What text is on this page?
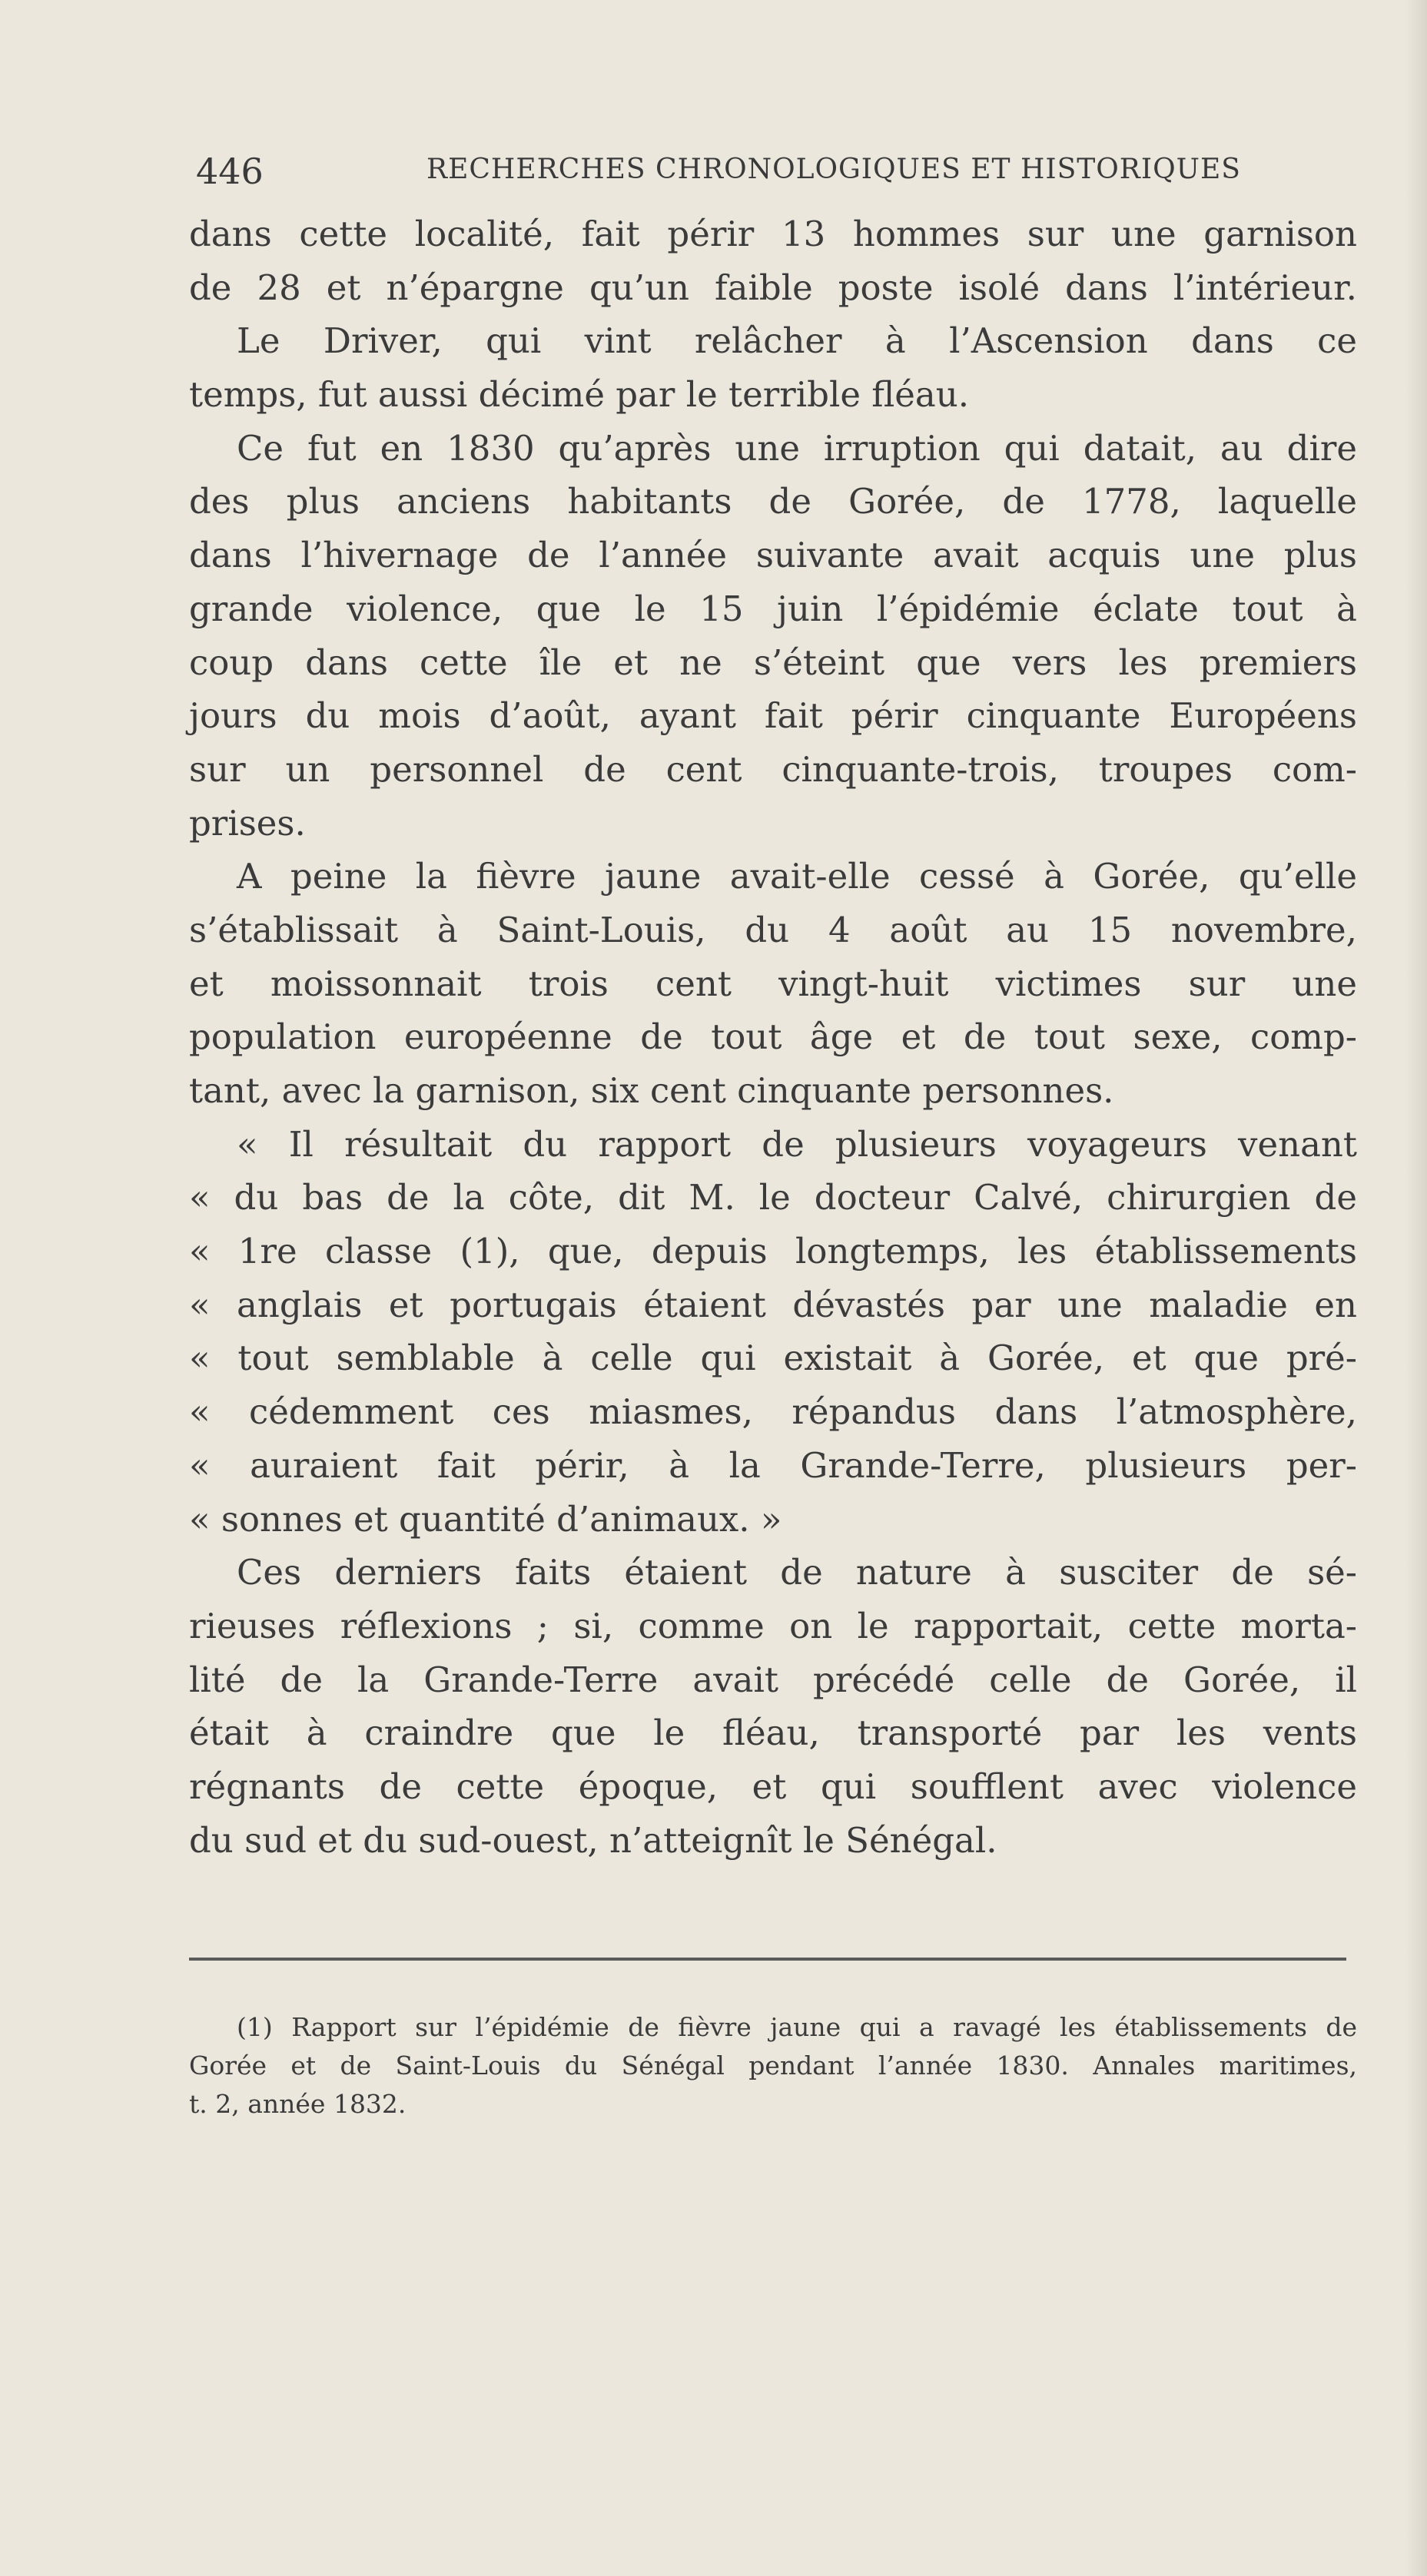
446	RECHERCHES CHRONOLOGIQUES ET HISTORIQUES
dans cette localité, fait périr 13 hommes sur une garnison
de 28 et n’épargne qu’un faible poste isolé dans l’intérieur.
Le Driver, qui vint relâcher à l’Ascension dans ce
temps, fut aussi décimé par le terrible fléau.
Ce fut en 1830 qu’après une irruption qui datait, au dire
des plus anciens habitants de Gorée, de 1778, laquelle
dans l’hivernage de l’année suivante avait acquis une plus
grande violence, que le 15 juin l’épidémie éclate tout à
coup dans cette île et ne s’éteint que vers les premiers
jours du mois d’août, ayant fait périr cinquante Européens
sur un personnel de cent cinquante-trois, troupes com-
prises.
A peine la fièvre jaune avait-elle cessé à Gorée, qu’elle
s’établissait à Saint-Louis, du 4 août au 15 novembre,
et moissonnait trois cent vingt-huit victimes sur une
population européenne de tout âge et de tout sexe, comp-
tant, avec la garnison, six cent cinquante personnes.
« Il résultait du rapport de plusieurs voyageurs venant
« du bas de la côte, dit M. le docteur Calvé, chirurgien de
« 1re classe (1), que, depuis longtemps, les établissements
« anglais et portugais étaient dévastés par une maladie en
« tout semblable à celle qui existait à Gorée, et que pré-
« cédemment ces miasmes, répandus dans l’atmosphère,
« auraient fait périr, à la Grande-Terre, plusieurs per-
« sonnes et quantité d’animaux. »
Ces derniers faits étaient de nature à susciter de sé-
rieuses réflexions ; si, comme on le rapportait, cette morta-
lité de la Grande-Terre avait précédé celle de Gorée, il
était à craindre que le fléau, transporté par les vents
régnants de cette époque, et qui soufflent avec violence
du sud et du sud-ouest, n’atteignît le Sénégal.
(1) Rapport sur l’épidémie de fièvre jaune qui a ravagé les établissements de
Gorée et de Saint-Louis du Sénégal pendant l’année 1830. Annales maritimes,
t. 2, année 1832.
